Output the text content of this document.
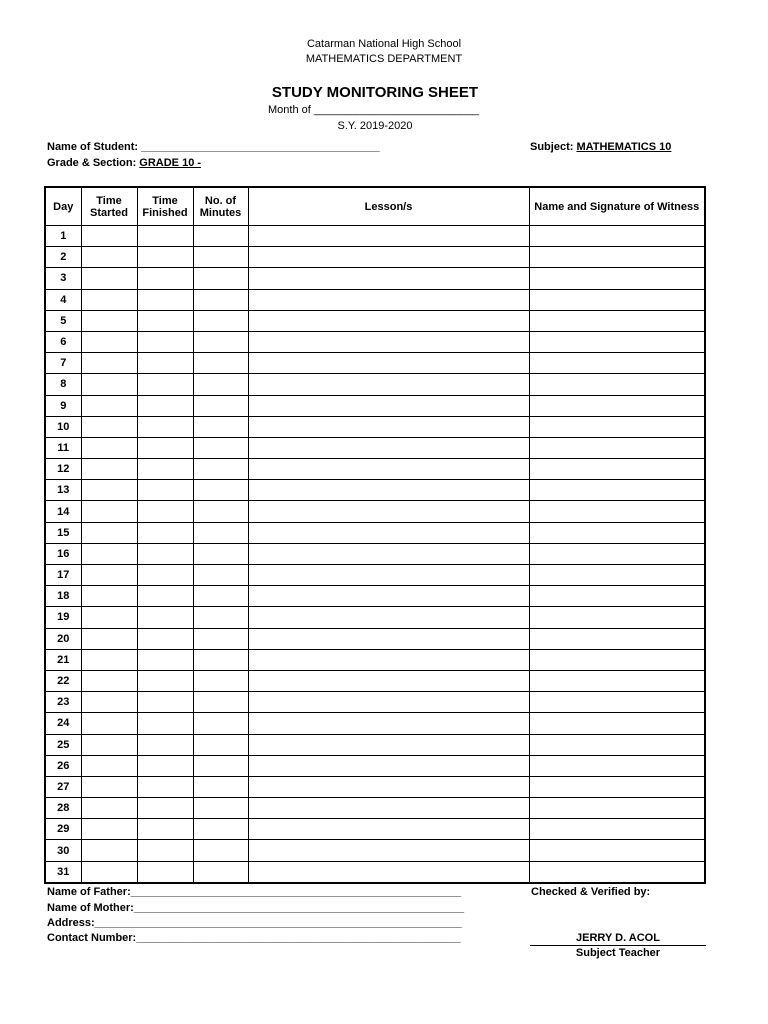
Catarman National High School
MATHEMATICS DEPARTMENT
STUDY MONITORING SHEET
Month of ___________________________
S.Y. 2019-2020
Name of Student: _______________________________________	Subject: MATHEMATICS 10
Grade & Section: GRADE 10 -
Day	Time Started	Time Finished	No. of Minutes	Lesson/s	Name and Signature of Witness
1					
2					
3					
4					
5					
6					
7					
8					
9					
10					
11					
12					
13					
14					
15					
16					
17					
18					
19					
20					
21					
22					
23					
24					
25					
26					
27					
28					
29					
30					
31					
Name of Father:______________________________________________________
Name of Mother:______________________________________________________
Address:____________________________________________________________
Contact Number:_____________________________________________________
Checked & Verified by:
JERRY D. ACOL
Subject Teacher
